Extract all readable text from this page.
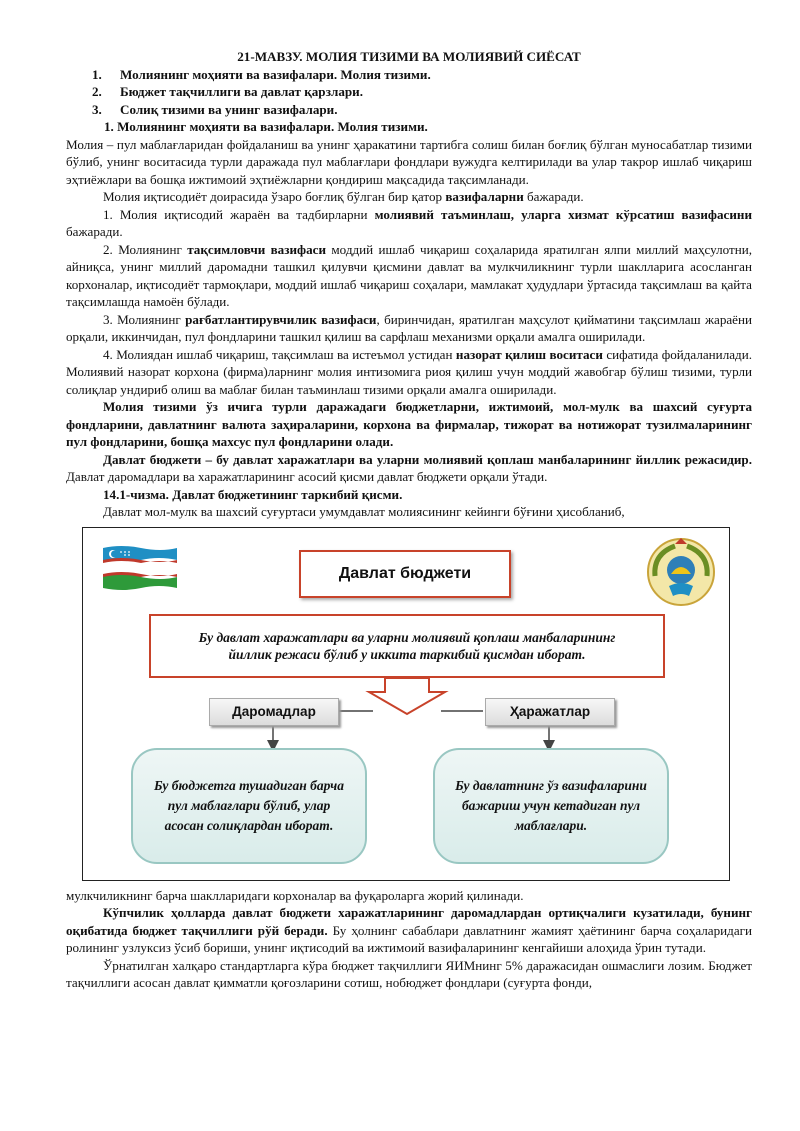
21-МАВЗУ. МОЛИЯ ТИЗИМИ ВА МОЛИЯВИЙ СИЁСАТ

1. Молиянинг моҳияти ва вазифалари. Молия тизими.
2. Бюджет тақчиллиги ва давлат қарзлари.
3. Солиқ тизими ва унинг вазифалари.

1. Молиянинг моҳияти ва вазифалари. Молия тизими.

Молия – пул маблағларидан фойдаланиш ва унинг ҳаракатини тартибга солиш билан боғлиқ бўлган муносабатлар тизими бўлиб, унинг воситасида турли даражада пул маблағлари фондлари вужудга келтирилади ва улар такрор ишлаб чиқариш эҳтиёжлари ва бошқа ижтимоий эҳтиёжларни қондириш мақсадида тақсимланади.

Молия иқтисодиёт доирасида ўзаро боғлиқ бўлган бир қатор вазифаларни бажаради.

1. Молия иқтисодий жараён ва тадбирларни молиявий таъминлаш, уларга хизмат кўрсатиш вазифасини бажаради.

2. Молиянинг тақсимловчи вазифаси моддий ишлаб чиқариш соҳаларида яратилган ялпи миллий маҳсулотни, айниқса, унинг миллий даромадни ташкил қилувчи қисмини давлат ва мулкчиликнинг турли шаклларига асосланган корхоналар, иқтисодиёт тармоқлари, моддий ишлаб чиқариш соҳалари, мамлакат ҳудудлари ўртасида тақсимлаш ва қайта тақсимлашда намоён бўлади.

3. Молиянинг рағбатлантирувчилик вазифаси, биринчидан, яратилган маҳсулот қийматини тақсимлаш жараёни орқали, иккинчидан, пул фондларини ташкил қилиш ва сарфлаш механизми орқали амалга оширилади.

4. Молиядан ишлаб чиқариш, тақсимлаш ва истеъмол устидан назорат қилиш воситаси сифатида фойдаланилади. Молиявий назорат корхона (фирма)ларнинг молия интизомига риоя қилиш учун моддий жавобгар бўлиш тизими, турли солиқлар ундириб олиш ва маблағ билан таъминлаш тизими орқали амалга оширилади.

Молия тизими ўз ичига турли даражадаги бюджетларни, ижтимоий, мол-мулк ва шахсий суғурта фондларини, давлатнинг валюта заҳираларини, корхона ва фирмалар, тижорат ва нотижорат тузилмаларининг пул фондларини, бошқа махсус пул фондларини олади.

Давлат бюджети – бу давлат харажатлари ва уларни молиявий қоплаш манбаларининг йиллик режасидир. Давлат даромадлари ва харажатларининг асосий қисми давлат бюджети орқали ўтади.

14.1-чизма. Давлат бюджетининг таркибий қисми.

Давлат мол-мулк ва шахсий суғуртаси умумдавлат молиясининг кейинги бўғини ҳисобланиб,

Давлат бюджети
Бу давлат харажатлари ва уларни молиявий қоплаш манбаларининг йиллик режаси бўлиб у иккита таркибий қисмдан иборат.
Даромадлар	Ҳаражатлар
Бу бюджетга тушадиган барча пул маблағлари бўлиб, улар асосан солиқлардан иборат.
Бу давлатнинг ўз вазифаларини бажариш учун кетадиган пул маблағлари.

мулкчиликнинг барча шаклларидаги корхоналар ва фуқароларга жорий қилинади.

Кўпчилик ҳолларда давлат бюджети харажатларининг даромадлардан ортиқчалиги кузатилади, бунинг оқибатида бюджет тақчиллиги рўй беради. Бу ҳолнинг сабаблари давлатнинг жамият ҳаётининг барча соҳаларидаги ролининг узлуксиз ўсиб бориши, унинг иқтисодий ва ижтимоий вазифаларининг кенгайиши алоҳида ўрин тутади.

Ўрнатилган халқаро стандартларга кўра бюджет тақчиллиги ЯИМнинг 5% даражасидан ошмаслиги лозим. Бюджет тақчиллиги асосан давлат қимматли қоғозларини сотиш, нобюджет фондлари (суғурта фонди,
